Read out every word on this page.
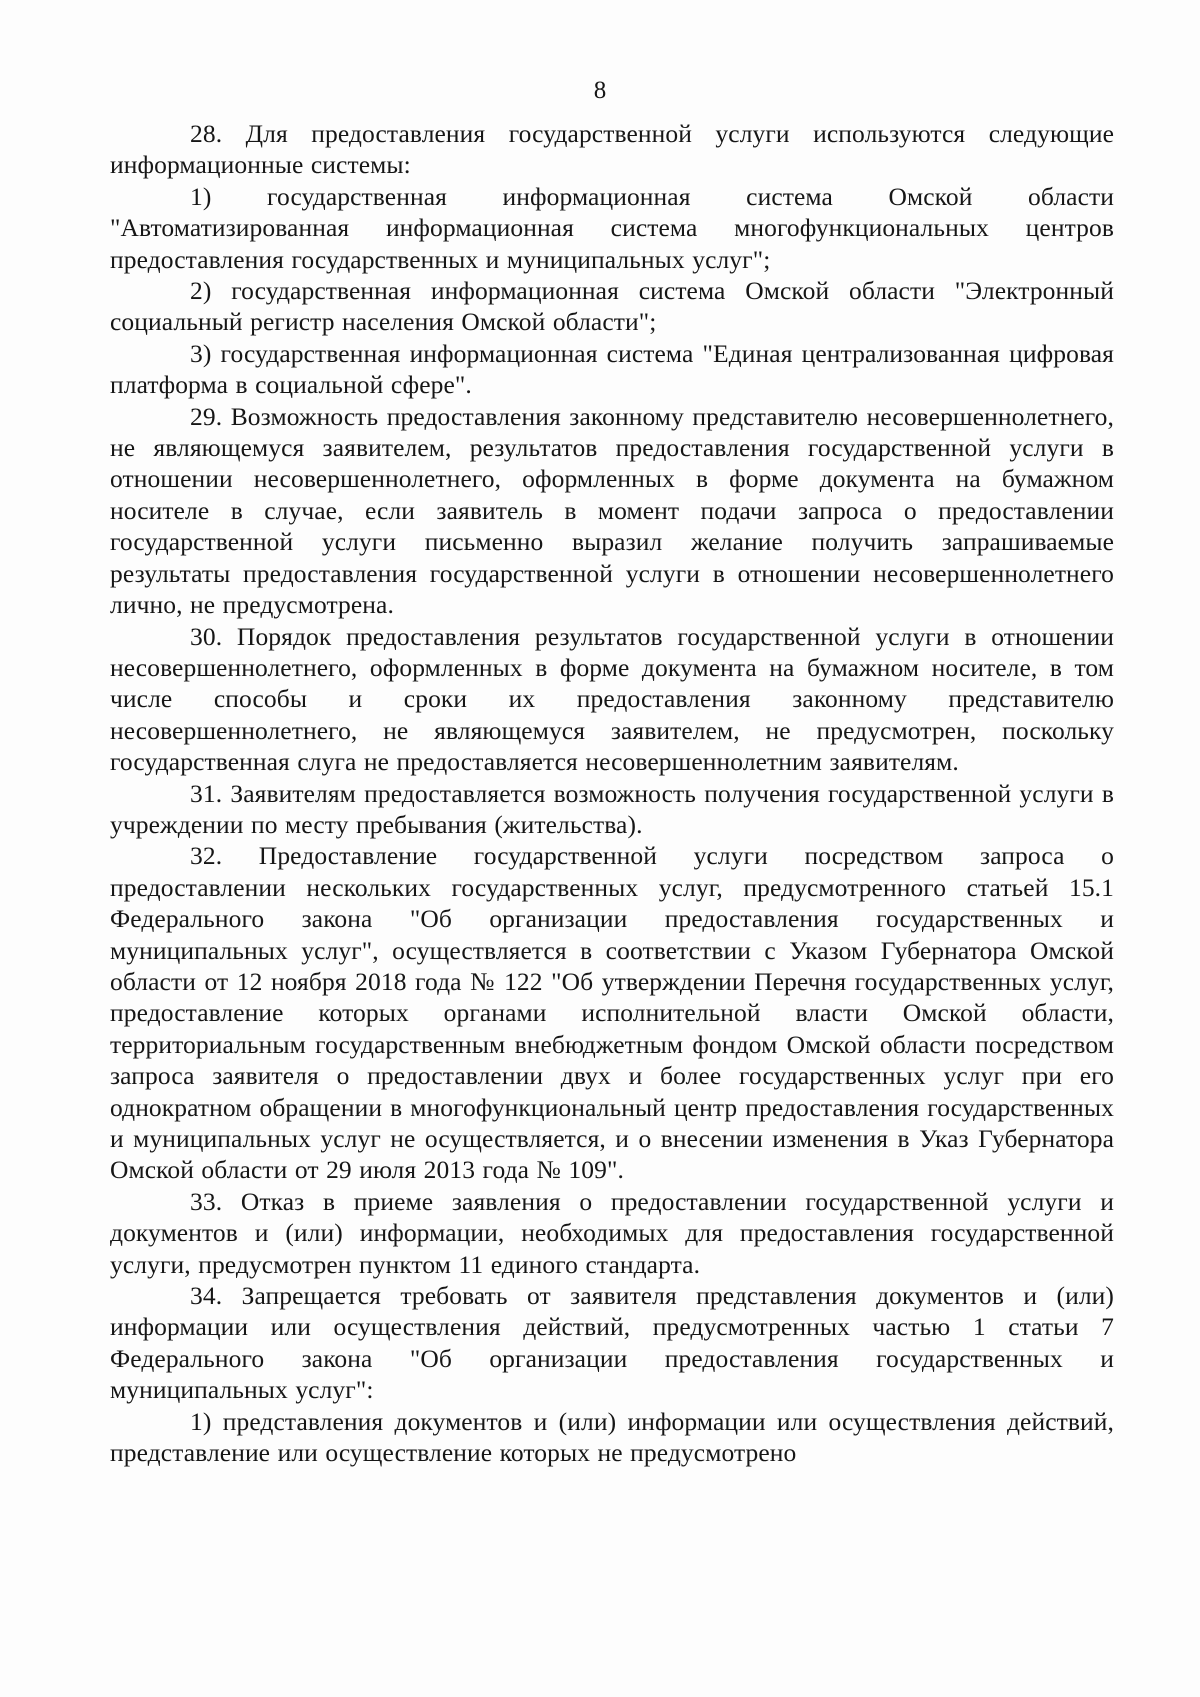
8

28. Для предоставления государственной услуги используются следующие информационные системы:

1) государственная информационная система Омской области "Автоматизированная информационная система многофункциональных центров предоставления государственных и муниципальных услуг";

2) государственная информационная система Омской области "Электронный социальный регистр населения Омской области";

3) государственная информационная система "Единая централизованная цифровая платформа в социальной сфере".

29. Возможность предоставления законному представителю несовершеннолетнего, не являющемуся заявителем, результатов предоставления государственной услуги в отношении несовершеннолетнего, оформленных в форме документа на бумажном носителе в случае, если заявитель в момент подачи запроса о предоставлении государственной услуги письменно выразил желание получить запрашиваемые результаты предоставления государственной услуги в отношении несовершеннолетнего лично, не предусмотрена.

30. Порядок предоставления результатов государственной услуги в отношении несовершеннолетнего, оформленных в форме документа на бумажном носителе, в том числе способы и сроки их предоставления законному представителю несовершеннолетнего, не являющемуся заявителем, не предусмотрен, поскольку государственная слуга не предоставляется несовершеннолетним заявителям.

31. Заявителям предоставляется возможность получения государственной услуги в учреждении по месту пребывания (жительства).

32. Предоставление государственной услуги посредством запроса о предоставлении нескольких государственных услуг, предусмотренного статьей 15.1 Федерального закона "Об организации предоставления государственных и муниципальных услуг", осуществляется в соответствии с Указом Губернатора Омской области от 12 ноября 2018 года № 122 "Об утверждении Перечня государственных услуг, предоставление которых органами исполнительной власти Омской области, территориальным государственным внебюджетным фондом Омской области посредством запроса заявителя о предоставлении двух и более государственных услуг при его однократном обращении в многофункциональный центр предоставления государственных и муниципальных услуг не осуществляется, и о внесении изменения в Указ Губернатора Омской области от 29 июля 2013 года № 109".

33. Отказ в приеме заявления о предоставлении государственной услуги и документов и (или) информации, необходимых для предоставления государственной услуги, предусмотрен пунктом 11 единого стандарта.

34. Запрещается требовать от заявителя представления документов и (или) информации или осуществления действий, предусмотренных частью 1 статьи 7 Федерального закона "Об организации предоставления государственных и муниципальных услуг":

1) представления документов и (или) информации или осуществления действий, представление или осуществление которых не предусмотрено
